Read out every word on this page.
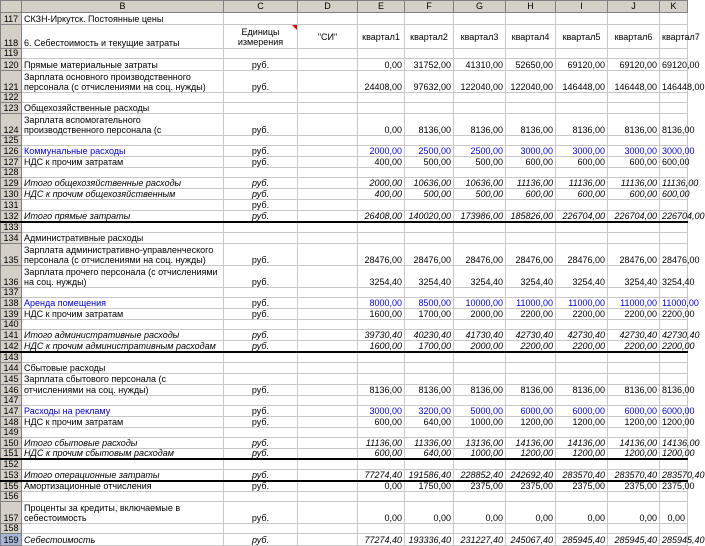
	B	C	D	E	F	G	H	I	J	K
117	СКЗН-Иркутск. Постоянные цены									
118	6. Себестоимость и текущие затраты	Единицы измерения	"СИ"	квартал1	квартал2	квартал3	квартал4	квартал5	квартал6	квартал7
119										
120	Прямые материальные затраты	руб.		0,00	31752,00	41310,00	52650,00	69120,00	69120,00	69120,00
121	Зарплата основного производственного персонала (с отчислениями на соц. нужды)	руб.		24408,00	97632,00	122040,00	122040,00	146448,00	146448,00	146448,00
122										
123	Общехозяйственные расходы									
124	Зарплата вспомогательного производственного персонала (с	руб.		0,00	8136,00	8136,00	8136,00	8136,00	8136,00	8136,00
125										
126	Коммунальные расходы	руб.		2000,00	2500,00	2500,00	3000,00	3000,00	3000,00	3000,00
127	НДС к прочим затратам	руб.		400,00	500,00	500,00	600,00	600,00	600,00	600,00
128										
129	Итого общехозяйственные расходы	руб.		2000,00	10636,00	10636,00	11136,00	11136,00	11136,00	11136,00
130	НДС к прочим общехозяйственным	руб.		400,00	500,00	500,00	600,00	600,00	600,00	600,00
131		руб.								
132	Итого прямые затраты	руб.		26408,00	140020,00	173986,00	185826,00	226704,00	226704,00	226704,00
133										
134	Административные расходы									
135	Зарплата административно-управленческого персонала (с отчислениями на соц. нужды)	руб.		28476,00	28476,00	28476,00	28476,00	28476,00	28476,00	28476,00
136	Зарплата прочего персонала (с отчислениями на соц. нужды)	руб.		3254,40	3254,40	3254,40	3254,40	3254,40	3254,40	3254,40
137										
138	Аренда помещения	руб.		8000,00	8500,00	10000,00	11000,00	11000,00	11000,00	11000,00
139	НДС к прочим затратам	руб.		1600,00	1700,00	2000,00	2200,00	2200,00	2200,00	2200,00
140										
141	Итого административные расходы	руб.		39730,40	40230,40	41730,40	42730,40	42730,40	42730,40	42730,40
142	НДС к прочим административным расходам	руб.		1600,00	1700,00	2000,00	2200,00	2200,00	2200,00	2200,00
143										
144	Сбытовые расходы									
145	Зарплата сбытового персонала (с									
146	отчислениями на соц. нужды)	руб.		8136,00	8136,00	8136,00	8136,00	8136,00	8136,00	8136,00
147										
147	Расходы на рекламу	руб.		3000,00	3200,00	5000,00	6000,00	6000,00	6000,00	6000,00
148	НДС к прочим затратам	руб.		600,00	640,00	1000,00	1200,00	1200,00	1200,00	1200,00
149										
150	Итого сбытовые расходы	руб.		11136,00	11336,00	13136,00	14136,00	14136,00	14136,00	14136,00
151	НДС к прочим сбытовым расходам	руб.		600,00	640,00	1000,00	1200,00	1200,00	1200,00	1200,00
152										
153	Итого операционные затраты	руб.		77274,40	191586,40	228852,40	242692,40	283570,40	283570,40	283570,40
155	Амортизационные отчисления	руб.		0,00	1750,00	2375,00	2375,00	2375,00	2375,00	2375,00
156										
157	Проценты за кредиты, включаемые в себестоимость	руб.		0,00	0,00	0,00	0,00	0,00	0,00	0,00
158										
159	Себестоимость	руб.		77274,40	193336,40	231227,40	245067,40	285945,40	285945,40	285945,40
